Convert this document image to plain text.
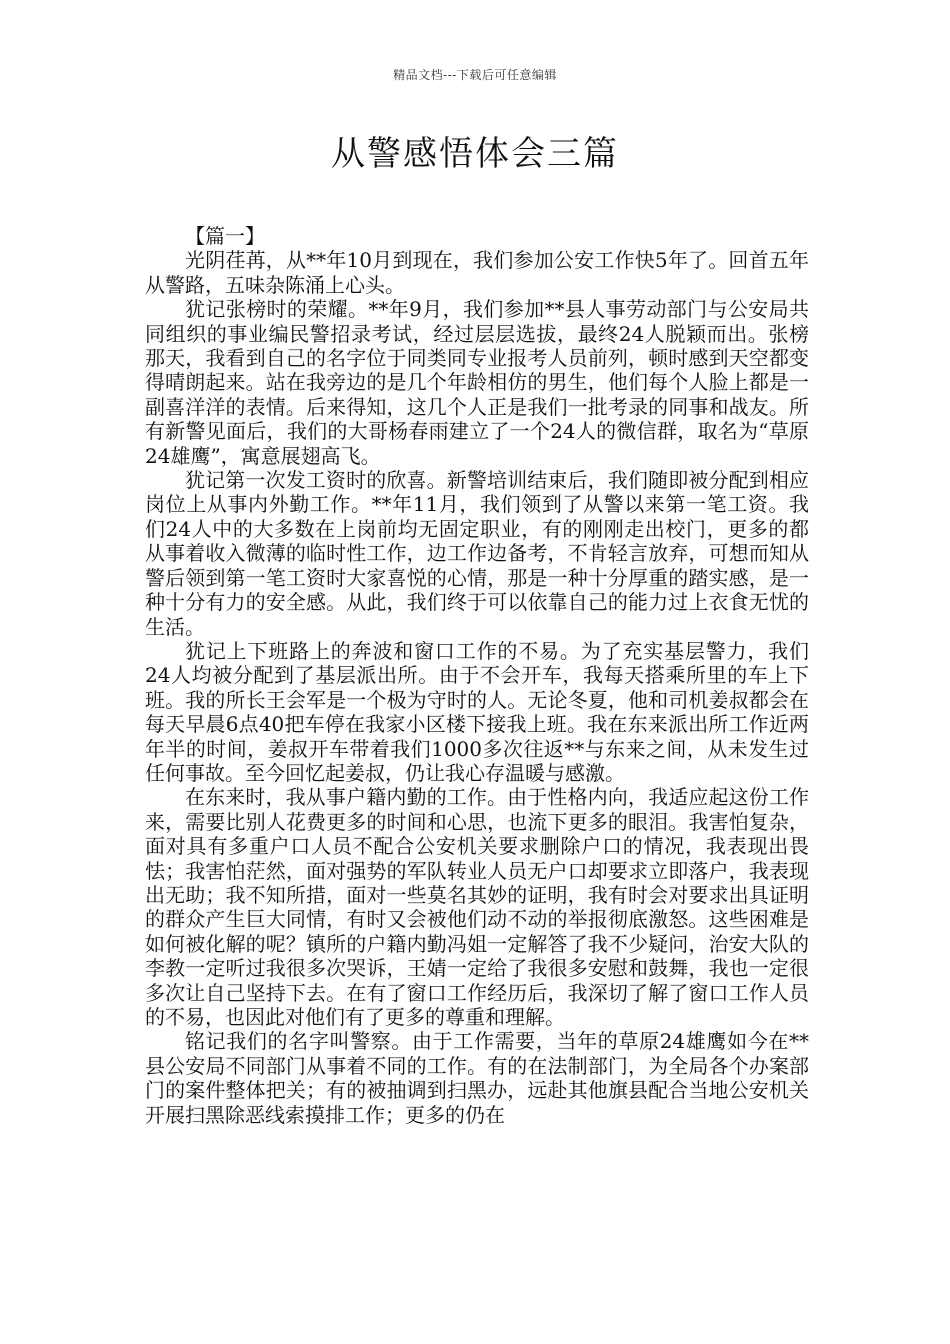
精品文档---下载后可任意编辑
从警感悟体会三篇

【篇一】

光阴荏苒，从**年10月到现在，我们参加公安工作快5年了。回首五年从警路，五味杂陈涌上心头。

犹记张榜时的荣耀。**年9月，我们参加**县人事劳动部门与公安局共同组织的事业编民警招录考试，经过层层选拔，最终24人脱颖而出。张榜那天，我看到自己的名字位于同类同专业报考人员前列，顿时感到天空都变得晴朗起来。站在我旁边的是几个年龄相仿的男生，他们每个人脸上都是一副喜洋洋的表情。后来得知，这几个人正是我们一批考录的同事和战友。所有新警见面后，我们的大哥杨春雨建立了一个24人的微信群，取名为“草原24雄鹰”，寓意展翅高飞。

犹记第一次发工资时的欣喜。新警培训结束后，我们随即被分配到相应岗位上从事内外勤工作。**年11月，我们领到了从警以来第一笔工资。我们24人中的大多数在上岗前均无固定职业，有的刚刚走出校门，更多的都从事着收入微薄的临时性工作，边工作边备考，不肯轻言放弃，可想而知从警后领到第一笔工资时大家喜悦的心情，那是一种十分厚重的踏实感，是一种十分有力的安全感。从此，我们终于可以依靠自己的能力过上衣食无忧的生活。

犹记上下班路上的奔波和窗口工作的不易。为了充实基层警力，我们24人均被分配到了基层派出所。由于不会开车，我每天搭乘所里的车上下班。我的所长王会军是一个极为守时的人。无论冬夏，他和司机姜叔都会在每天早晨6点40把车停在我家小区楼下接我上班。我在东来派出所工作近两年半的时间，姜叔开车带着我们1000多次往返**与东来之间，从未发生过任何事故。至今回忆起姜叔，仍让我心存温暖与感激。

在东来时，我从事户籍内勤的工作。由于性格内向，我适应起这份工作来，需要比别人花费更多的时间和心思，也流下更多的眼泪。我害怕复杂，面对具有多重户口人员不配合公安机关要求删除户口的情况，我表现出畏怯；我害怕茫然，面对强势的军队转业人员无户口却要求立即落户，我表现出无助；我不知所措，面对一些莫名其妙的证明，我有时会对要求出具证明的群众产生巨大同情，有时又会被他们动不动的举报彻底激怒。这些困难是如何被化解的呢？镇所的户籍内勤冯姐一定解答了我不少疑问，治安大队的李教一定听过我很多次哭诉，王婧一定给了我很多安慰和鼓舞，我也一定很多次让自己坚持下去。在有了窗口工作经历后，我深切了解了窗口工作人员的不易，也因此对他们有了更多的尊重和理解。

铭记我们的名字叫警察。由于工作需要，当年的草原24雄鹰如今在**县公安局不同部门从事着不同的工作。有的在法制部门，为全局各个办案部门的案件整体把关；有的被抽调到扫黑办，远赴其他旗县配合当地公安机关开展扫黑除恶线索摸排工作；更多的仍在
